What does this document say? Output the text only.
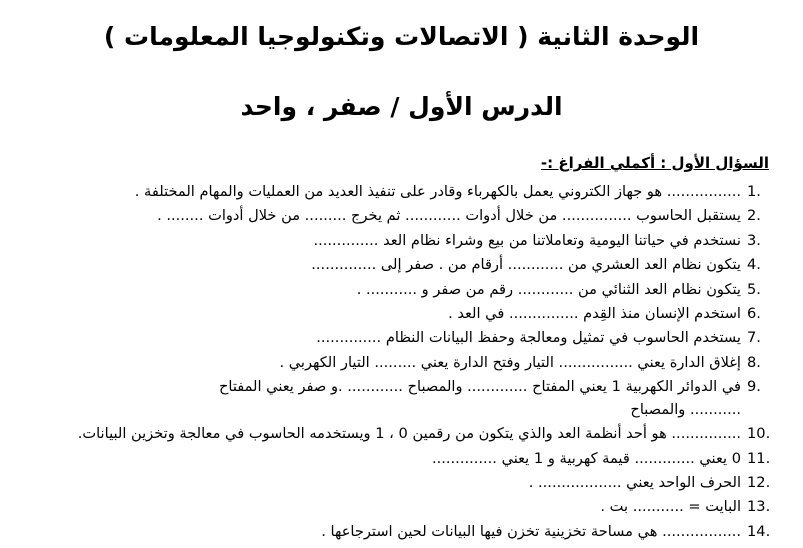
الوحدة الثانية ( الاتصالات وتكنولوجيا المعلومات )
الدرس الأول / صفر ، واحد
السؤال الأول : أكملي الفراغ :-
1.
................ هو جهاز الكتروني يعمل بالكهرباء وقادر على تنفيذ العديد من العمليات والمهام المختلفة .
2.
يستقبل الحاسوب ............... من خلال أدوات ............ ثم يخرج ......... من خلال أدوات ........ .
3.
نستخدم في حياتنا اليومية وتعاملاتنا من بيع وشراء نظام العد ..............
4.
يتكون نظام العد العشري من ............ أرقام من . صفر إلى ..............
5.
يتكون نظام العد الثنائي من ............ رقم من صفر و ........... .
6.
استخدم الإنسان منذ القِدم ............... في العد .
7.
يستخدم الحاسوب في تمثيل ومعالجة وحفظ البيانات النظام ..............
8.
إغلاق الدارة يعني ................ التيار وفتح الدارة يعني ......... التيار الكهربي .
9.
في الدوائر الكهربية 1 يعني المفتاح ............. والمصباح ............ .و صفر يعني المفتاح
........... والمصباح
10.
............... هو أحد أنظمة العد والذي يتكون من رقمين 0 ، 1 ويستخدمه الحاسوب في معالجة وتخزين البيانات.
11.
0 يعني ............. قيمة كهربية و 1 يعني ..............
12.
الحرف الواحد يعني .................. .
13.
البايت = ........... بت .
14.
................. هي مساحة تخزينية تخزن فيها البيانات لحين استرجاعها .
